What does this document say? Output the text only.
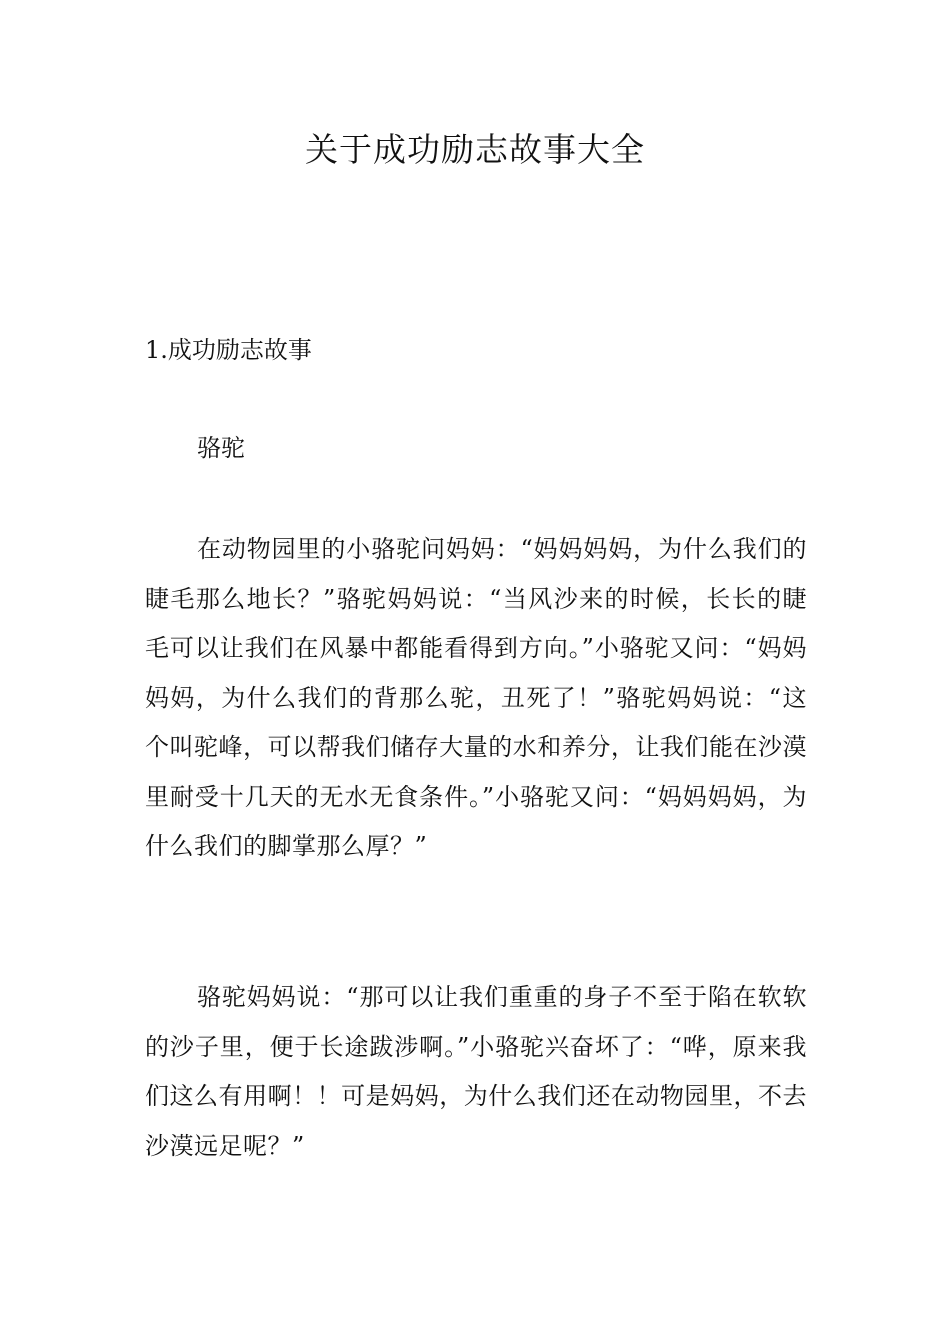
关于成功励志故事大全
1.成功励志故事
骆驼

在动物园里的小骆驼问妈妈：“妈妈妈妈，为什么我们的睫毛那么地长？”骆驼妈妈说：“当风沙来的时候，长长的睫毛可以让我们在风暴中都能看得到方向。”小骆驼又问：“妈妈妈妈，为什么我们的背那么驼，丑死了！”骆驼妈妈说：“这个叫驼峰，可以帮我们储存大量的水和养分，让我们能在沙漠里耐受十几天的无水无食条件。”小骆驼又问：“妈妈妈妈，为什么我们的脚掌那么厚？”

骆驼妈妈说：“那可以让我们重重的身子不至于陷在软软的沙子里，便于长途跋涉啊。”小骆驼兴奋坏了：“哗，原来我们这么有用啊！！可是妈妈，为什么我们还在动物园里，不去沙漠远足呢？”
